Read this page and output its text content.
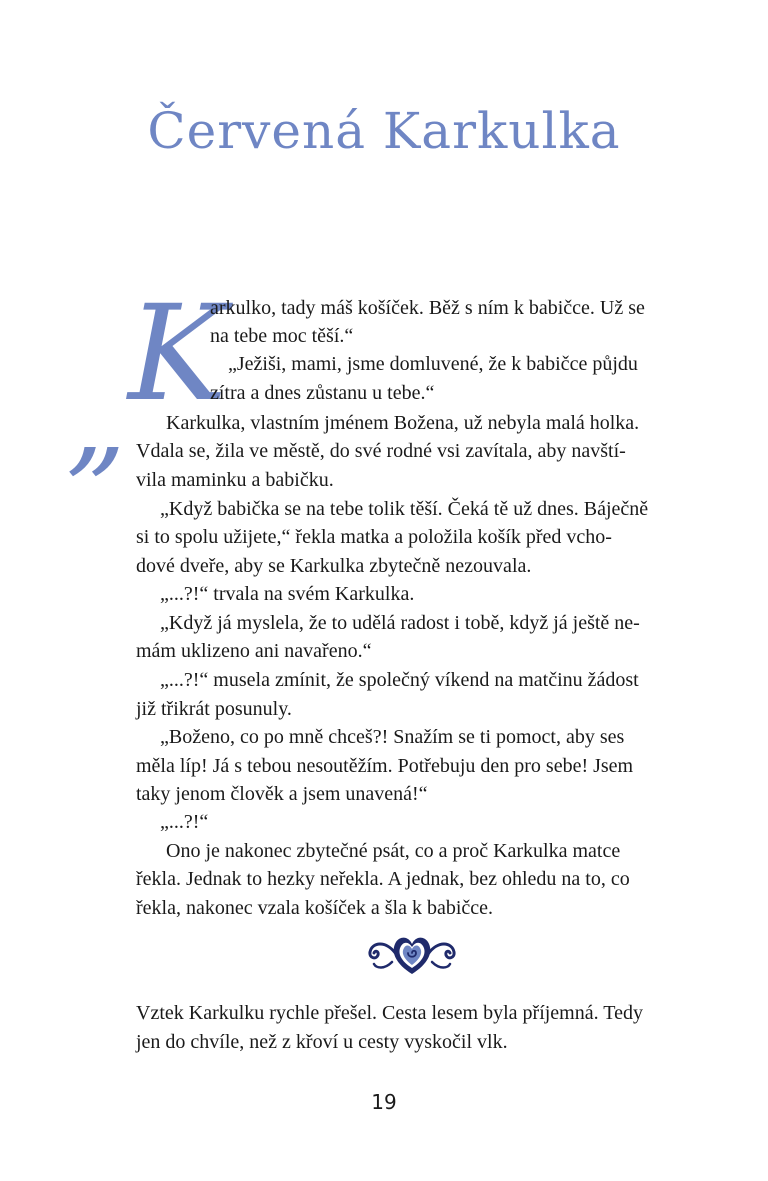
Červená Karkulka
„ K

arkulko, tady máš košíček. Běž s ním k babičce. Už se

na tebe moc těší.“

„Ježiši, mami, jsme domluvené, že k babičce půjdu

zítra a dnes zůstanu u tebe.“

Karkulka, vlastním jménem Božena, už nebyla malá holka.

Vdala se, žila ve městě, do své rodné vsi zavítala, aby navští-

vila maminku a babičku.

„Když babička se na tebe tolik těší. Čeká tě už dnes. Báječně

si to spolu užijete,“ řekla matka a položila košík před vcho-

dové dveře, aby se Karkulka zbytečně nezouvala.

„...?!“ trvala na svém Karkulka.

„Když já myslela, že to udělá radost i tobě, když já ještě ne-

mám uklizeno ani navařeno.“

„...?!“ musela zmínit, že společný víkend na matčinu žádost

již třikrát posunuly.

„Boženo, co po mně chceš?! Snažím se ti pomoct, aby ses

měla líp! Já s tebou nesoutěžím. Potřebuju den pro sebe! Jsem

taky jenom člověk a jsem unavená!“

„...?!“

Ono je nakonec zbytečné psát, co a proč Karkulka matce

řekla. Jednak to hezky neřekla. A jednak, bez ohledu na to, co

řekla, nakonec vzala košíček a šla k babičce.

Vztek Karkulku rychle přešel. Cesta lesem byla příjemná. Tedy

jen do chvíle, než z křoví u cesty vyskočil vlk.

19
